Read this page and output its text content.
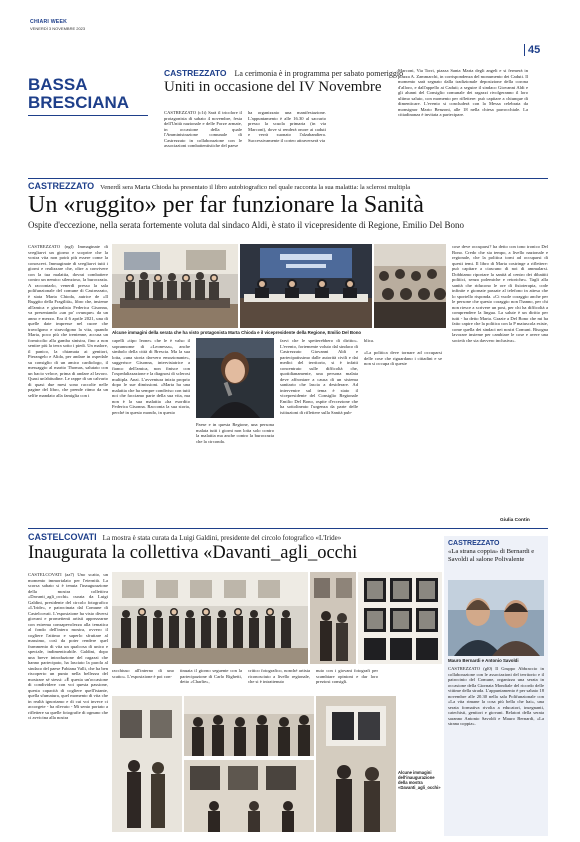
CHIARI WEEK
VENERDÌ 3 NOVEMBRE 2023
45
BASSA
BRESCIANA
CASTREZZATO La cerimonia è in programma per sabato pomeriggio
Uniti in occasione del IV Novembre
CASTREZZATO (c1t) Sarà il tricolore il protagonista di sabato 4 novembre, festa dell'Unità nazionale e delle Forze armate, in occasione della quale l'Amministrazione comunale di Castrezzato in collaborazione con le associazioni combattentistiche del paese
ha organizzato una manifestazione. L'appuntamento è alle 16.30 al sacrario presso la scuola primaria (in via Marconi), dove si renderà onore ai caduti e verrà suonato l'alzabandiera. Successivamente il corteo attraverserà via
Marconi, Via Torri, piazza Santa Maria degli angeli e si fermerà in piazza A. Zammarchi, in corrispondenza del monumento dei Caduti. Il momento sarà segnato dalla tradizionale deposizione della corona d'alloro, e dall'appello ai Caduti; a seguire il sindaco Giovanni Aldi e gli alunni del Consiglio comunale dei ragazzi rivolgeranno il loro ultimo saluto, con momento per riflettere: può capitare a chiunque di dimenticare. L'evento si concluderà con la Messa celebrata da monsignor Mario Benzoni, alle 18 nella chiesa parrocchiale. La cittadinanza è invitata a partecipare.
CASTREZZATO Venerdì sera Marta Chioda ha presentato il libro autobiografico nel quale racconta la sua malattia: la sclerosi multipla
Un «ruggito» per far funzionare la Sanità
Ospite d'eccezione, nella serata fortemente voluta dal sindaco Aldi, è stato il vicepresidente di Regione, Emilio Del Bono
CASTREZZATO (ngl) Immaginate di svegliarvi un giorno e scoprire che la vostra vita non potrà più essere come la conoscevi. Immaginate di svegliarvi tutti i giorni e realizzare che, oltre a convivere con la tua malattia, dovrai combattere contro un nemico silenzioso, la burocrazia. A raccontarlo, venerdì presso la sala polifunzionale del comune di Castrezzato, è stata Marta Chioda, autrice de «Il Ruggito della Fragilità», libro che, insieme all'amica e giornalista Federica Gisonna, va presentando «un po' ovunque» da un anno e mezzo. Era il 6 aprile 2021, una di quelle date impresse nel cuore che travolgono e stravolgono la vita, quando Marta, poco più che trentenne, accusa un formicolio alla gamba sinistra, fino a non sentire più la terra sotto i piedi. Un malore, il panico, la chiamata ai genitori, Pierangelo e Alida, per andare in ospedale su consiglio di un amico cardiologo, il messaggio al marito Thomas, salutato con un bacio veloce, prima di andare al lavoro. Quasi un'abitudine. Le rappe di un calvario di quasi due mesi sono raccolte nelle pagine del libro, che prende ritmo da un selfie mandato alla famiglia con i
Alcune immagini della serata che ha visto protagonista Marta Chioda e il vicepresidente della Regione, Emilio Del Bono
capelli «tipo leone» che le è valso il soprannome di «Leonessa», anche simbolo della città di Brescia. Ma la sua lotta, «una storia davvero emozionante», suggerisce Gisonna, intervistatrice a fianco dell'amica, non finisce con l'ospedalizzazione e la diagnosi di sclerosi multipla. Anzi. L'avventura inizia proprio dopo le sue dimissioni. «Marta ha una malattia che ha sempre condiviso con tutti noi che facciamo parte della sua vita, ma non è la sua malattia «ha esordito Federica Gisonna. Racconta la sua storia, perché in questo mondo, in questo
Paese e in questa Regione, una persona malata tutti i giorni non lotta solo contro la malattia ma anche contro la burocrazia che la circonda.
farvi che le spetterebbero di diritto». L'evento, fortemente voluto dal sindaco di Castrezzato Giovanni Aldi e partecipatissimo dalle autorità civili e dai medici del territorio, si è infatti concentrato sulle difficoltà che, quotidianamente, una persona malata deve affrontare a causa di un sistema sanitario che lascia a desiderare. Ad intervenire sul tema è stato il vicepresidente del Consiglio Regionale Emilio Del Bono, ospite d'eccezione che ha sottolineato l'urgenza da parte delle istituzioni di riflettere sulla Sanità pub-
blica.
«La politica deve tornare ad occuparsi delle cose che riguardano i cittadini e se non si occupa di queste
cose deve occuparsi? ha detto con tono ironico Del Bono. Credo che sia tempo, a livello nazionale e regionale, che la politica torni ad occuparsi di questi temi. Il libro di Marta costringe a riflettere: può capitare a ciascuno di noi di ammalarsi. Dobbiamo riportare la sanità al centro dei dibattiti politici, senza polemiche e retoriche». Tagli alla sanità che riducono le ore di fisioterapia, code infinite e giornate passate al telefono in attesa che lo sportello risponda. «Ci vuole coraggio anche per le persone che questo coraggio non l'hanno, per chi non riesce a scrivere un post, per chi ha difficoltà a comprendere la lingua. La salute è un diritto per tutti - ha detto Marta. Grazie a Del Bono che mi ha fatto capire che la politica con la P maiuscola esiste, come quella dei sindaci nei nostri Comuni. Bisogna lavorare insieme per cambiare le cose e avere una società che sia davvero inclusiva».
Giulia Contin
CASTELCOVATI La mostra è stata curata da Luigi Galdini, presidente del circolo fotografico «L'Iride»
Inaugurata la collettiva «Davanti_agli_occhi
CASTELCOVATI (aa7) Uno scatto, un momento immortalato per l'eternità. La scorsa sabato si è tenuta l'inaugurazione della mostra collettiva «Davanti_agli_occhi» curata da Luigi Galdini, presidente del circolo fotografico «L'Iride», e patrocinata dal Comune di Castelcovati. L'esposizione ha visto diversi giovani e promettenti artisti apprezzarne con estrema consapevolezza alla tematica al fondo dell'intera mostra, ovvero il cogliere l'attimo e saperlo sfruttare al massimo, così da poter rendere quel frammento di vita un qualcosa di unico e speciale, indimenticabile. Galdini, dopo una breve introduzione del ragazzi che hanno partecipato, ha lasciato la parola al sindaco del paese Fabiana Valli, che ha ben riscoperto un punto nella bellezza del mostrare sé stessi: «È questa un'occasione di condividere con voi questa passione, questa capacità di cogliere quell'istante, quella sfumatura, quel momento di vita che in realtà ignoriamo e di cui voi invece ci accorgete - ha rilevato - Mi sento portato a riflettere su quelle fotografie di ognuno che ci avvicina alla nostra
racchiuso all'interno di uno scatto». L'esposizione è poi con-
tinuata il giorno seguente con la partecipazione di Carlo Righetti, detto «Charlie»,
critico fotografico, nonché artista riconosciuto a livello regionale, che si è intrattenuto
nuto con i giovani fotografi per scambiare opinioni e dar loro preziosi consigli.
Alcune immagini dell'inaugurazione della mostra «Davanti_agli_occhi»
CASTREZZATO
«La strana coppia» di Bernardi e Savoldi al salone Polivalente
Mauro Bernardi e Antonio Savoldi
CASTREZZATO (gl0) Il Gruppo Abbraccio in collaborazione con le associazioni del territorio e il patrocinio del Comune, organizza una serata in occasione della Giornata Mondiale del ricordo delle vittime della strada. L'appuntamento è per sabato 18 novembre alle 20.30 nella sala Polifunzionale con «La vita rimane la cosa più bella che hai», una serata formativa rivolta a educatori, insegnanti, catechisti, genitori e giovani. Relatori della serata saranno Antonio Savoldi e Mauro Bernardi, «La strana coppia».
